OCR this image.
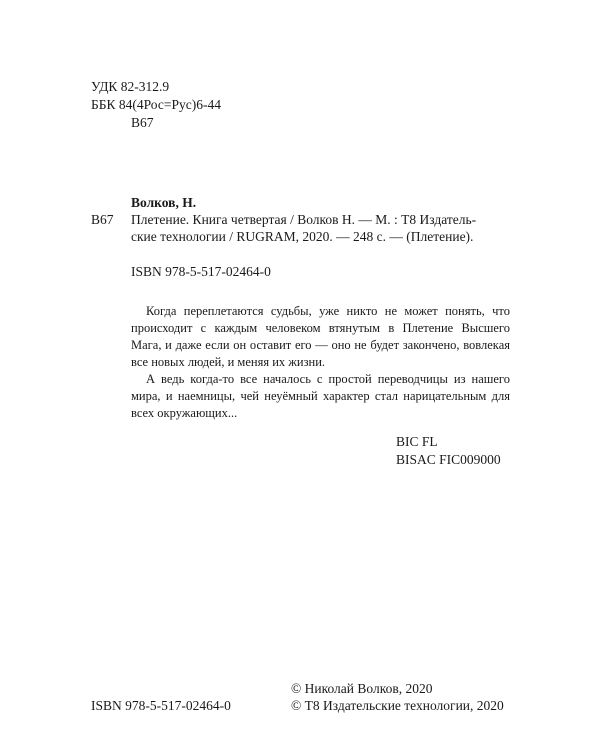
УДК 82-312.9
ББК 84(4Рос=Рус)6-44
В67
Волков, Н.
В67 Плетение. Книга четвертая / Волков Н. — М. : Т8 Издатель-
ские технологии / RUGRAM, 2020. — 248 с. — (Плетение).
ISBN 978-5-517-02464-0
Когда переплетаются судьбы, уже никто не может понять, что
происходит с каждым человеком втянутым в Плетение Высшего
Мага, и даже если он оставит его — оно не будет закончено, вовлекая
все новых людей, и меняя их жизни.
А ведь когда-то все началось с простой переводчицы из нашего
мира, и наемницы, чей неуёмный характер стал нарицательным для
всех окружающих...
BIC FL
BISAC FIC009000
© Николай Волков, 2020
ISBN 978-5-517-02464-0	© Т8 Издательские технологии, 2020
